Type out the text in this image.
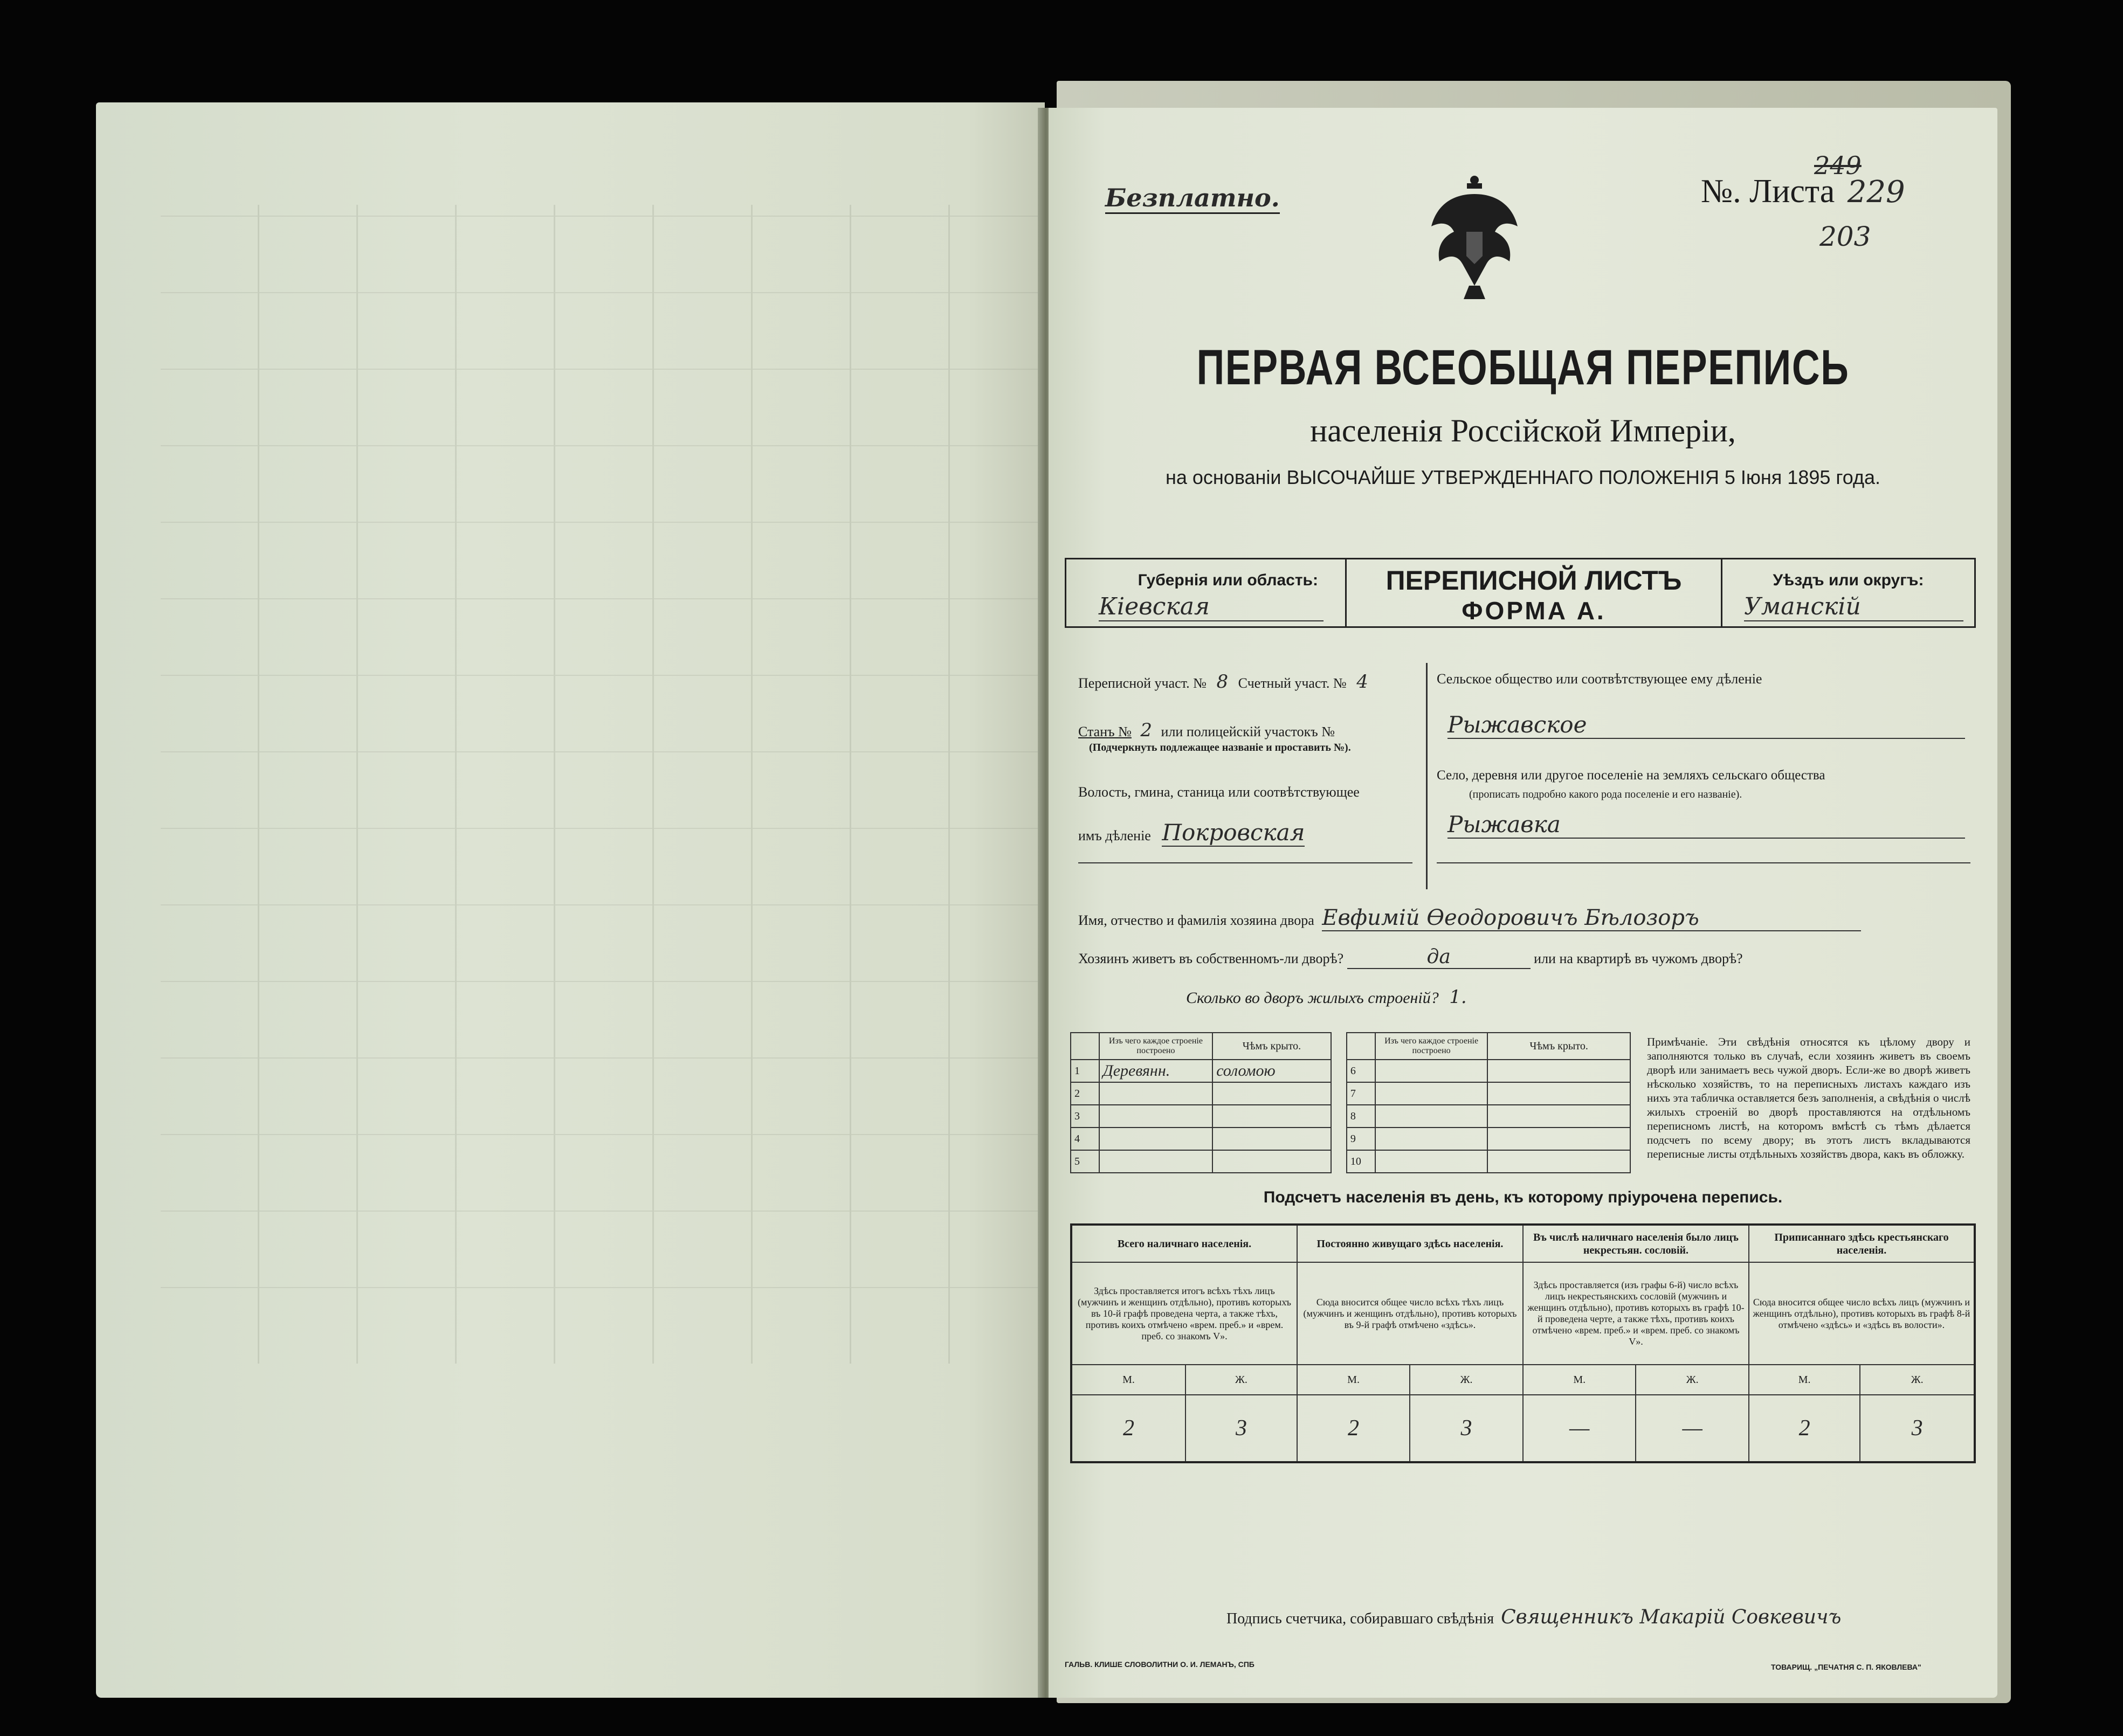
Безплатно.	№. Листа 229
249
203
ПЕРВАЯ ВСЕОБЩАЯ ПЕРЕПИСЬ
населенія Россійской Имперіи,
на основаніи ВЫСОЧАЙШЕ УТВЕРЖДЕННАГО ПОЛОЖЕНІЯ 5 Іюня 1895 года.
Губернія или область:
Кіевская
ПЕРЕПИСНОЙ ЛИСТЪ
ФОРМА А.
Уѣздъ или округъ:
Уманскій
Переписной участ. № 8 Счетный участ. № 4
Станъ № 2 или полицейскій участокъ №
(Подчеркнуть подлежащее названіе и проставить №).
Волость, гмина, станица или соотвѣтствующее
имъ дѣленіе Покровская
Сельское общество или соотвѣтствующее ему дѣленіе
Рыжавское
Село, деревня или другое поселеніе на земляхъ сельскаго общества
(прописать подробно какого рода поселеніе и его названіе).
Рыжавка
Имя, отчество и фамилія хозяина двора Евфимій Өеодоровичъ Бѣлозоръ
Хозяинъ живетъ въ собственномъ-ли дворѣ?	да	или на квартирѣ въ чужомъ дворѣ?
Сколько во дворъ жилыхъ строеній? 1.
	Изъ чего каждое строеніе построено	Чѣмъ крыто.			Изъ чего каждое строеніе построено	Чѣмъ крыто.
1	Деревянн.	соломою		6		
2				7		
3				8		
4				9		
5				10		
Примѣчаніе. Эти свѣдѣнія относятся къ цѣлому двору и заполняются только въ случаѣ, если хозяинъ живетъ въ своемъ дворѣ или занимаетъ весь чужой дворъ. Если-же во дворѣ живетъ нѣсколько хозяйствъ, то на переписныхъ листахъ каждаго изъ нихъ эта табличка оставляется безъ заполненія, а свѣдѣнія о числѣ жилыхъ строеній во дворѣ проставляются на отдѣльномъ переписномъ листѣ, на которомъ вмѣстѣ съ тѣмъ дѣлается подсчетъ по всему двору; въ этотъ листъ вкладываются переписные листы отдѣльныхъ хозяйствъ двора, какъ въ обложку.
Подсчетъ населенія въ день, къ которому пріурочена перепись.
Всего наличнаго населенія.		Постоянно живущаго здѣсь населенія.		Въ числѣ наличнаго населенія было лицъ некрестьян. сословій.		Приписаннаго здѣсь крестьянскаго населенія.	
Здѣсь проставляется итогъ всѣхъ тѣхъ лицъ (мужчинъ и женщинъ отдѣльно), противъ которыхъ въ 10-й графѣ проведена черта, а также тѣхъ, противъ коихъ отмѣчено «врем. преб.» и «врем. преб. со знакомъ V».		Сюда вносится общее число всѣхъ тѣхъ лицъ (мужчинъ и женщинъ отдѣльно), противъ которыхъ въ 9-й графѣ отмѣчено «здѣсь».		Здѣсь проставляется (изъ графы 6-й) число всѣхъ лицъ некрестьянскихъ сословій (мужчинъ и женщинъ отдѣльно), противъ которыхъ въ графѣ 10-й проведена черте, а также тѣхъ, противъ коихъ отмѣчено «врем. преб.» и «врем. преб. со знакомъ V».		Сюда вносится общее число всѣхъ лицъ (мужчинъ и женщинъ отдѣльно), противъ которыхъ въ графѣ 8-й отмѣчено «здѣсь» и «здѣсь въ волости».	
М.	Ж.	М.	Ж.	М.	Ж.	М.	Ж.
2	3	2	3	—	—	2	3
Подпись счетчика, собиравшаго свѣдѣнія Священникъ Макарій Совкевичъ
ГАЛЬВ. КЛИШЕ СЛОВОЛИТНИ О. И. ЛЕМАНЪ, СПБ	ТОВАРИЩ. „ПЕЧАТНЯ С. П. ЯКОВЛЕВА"
